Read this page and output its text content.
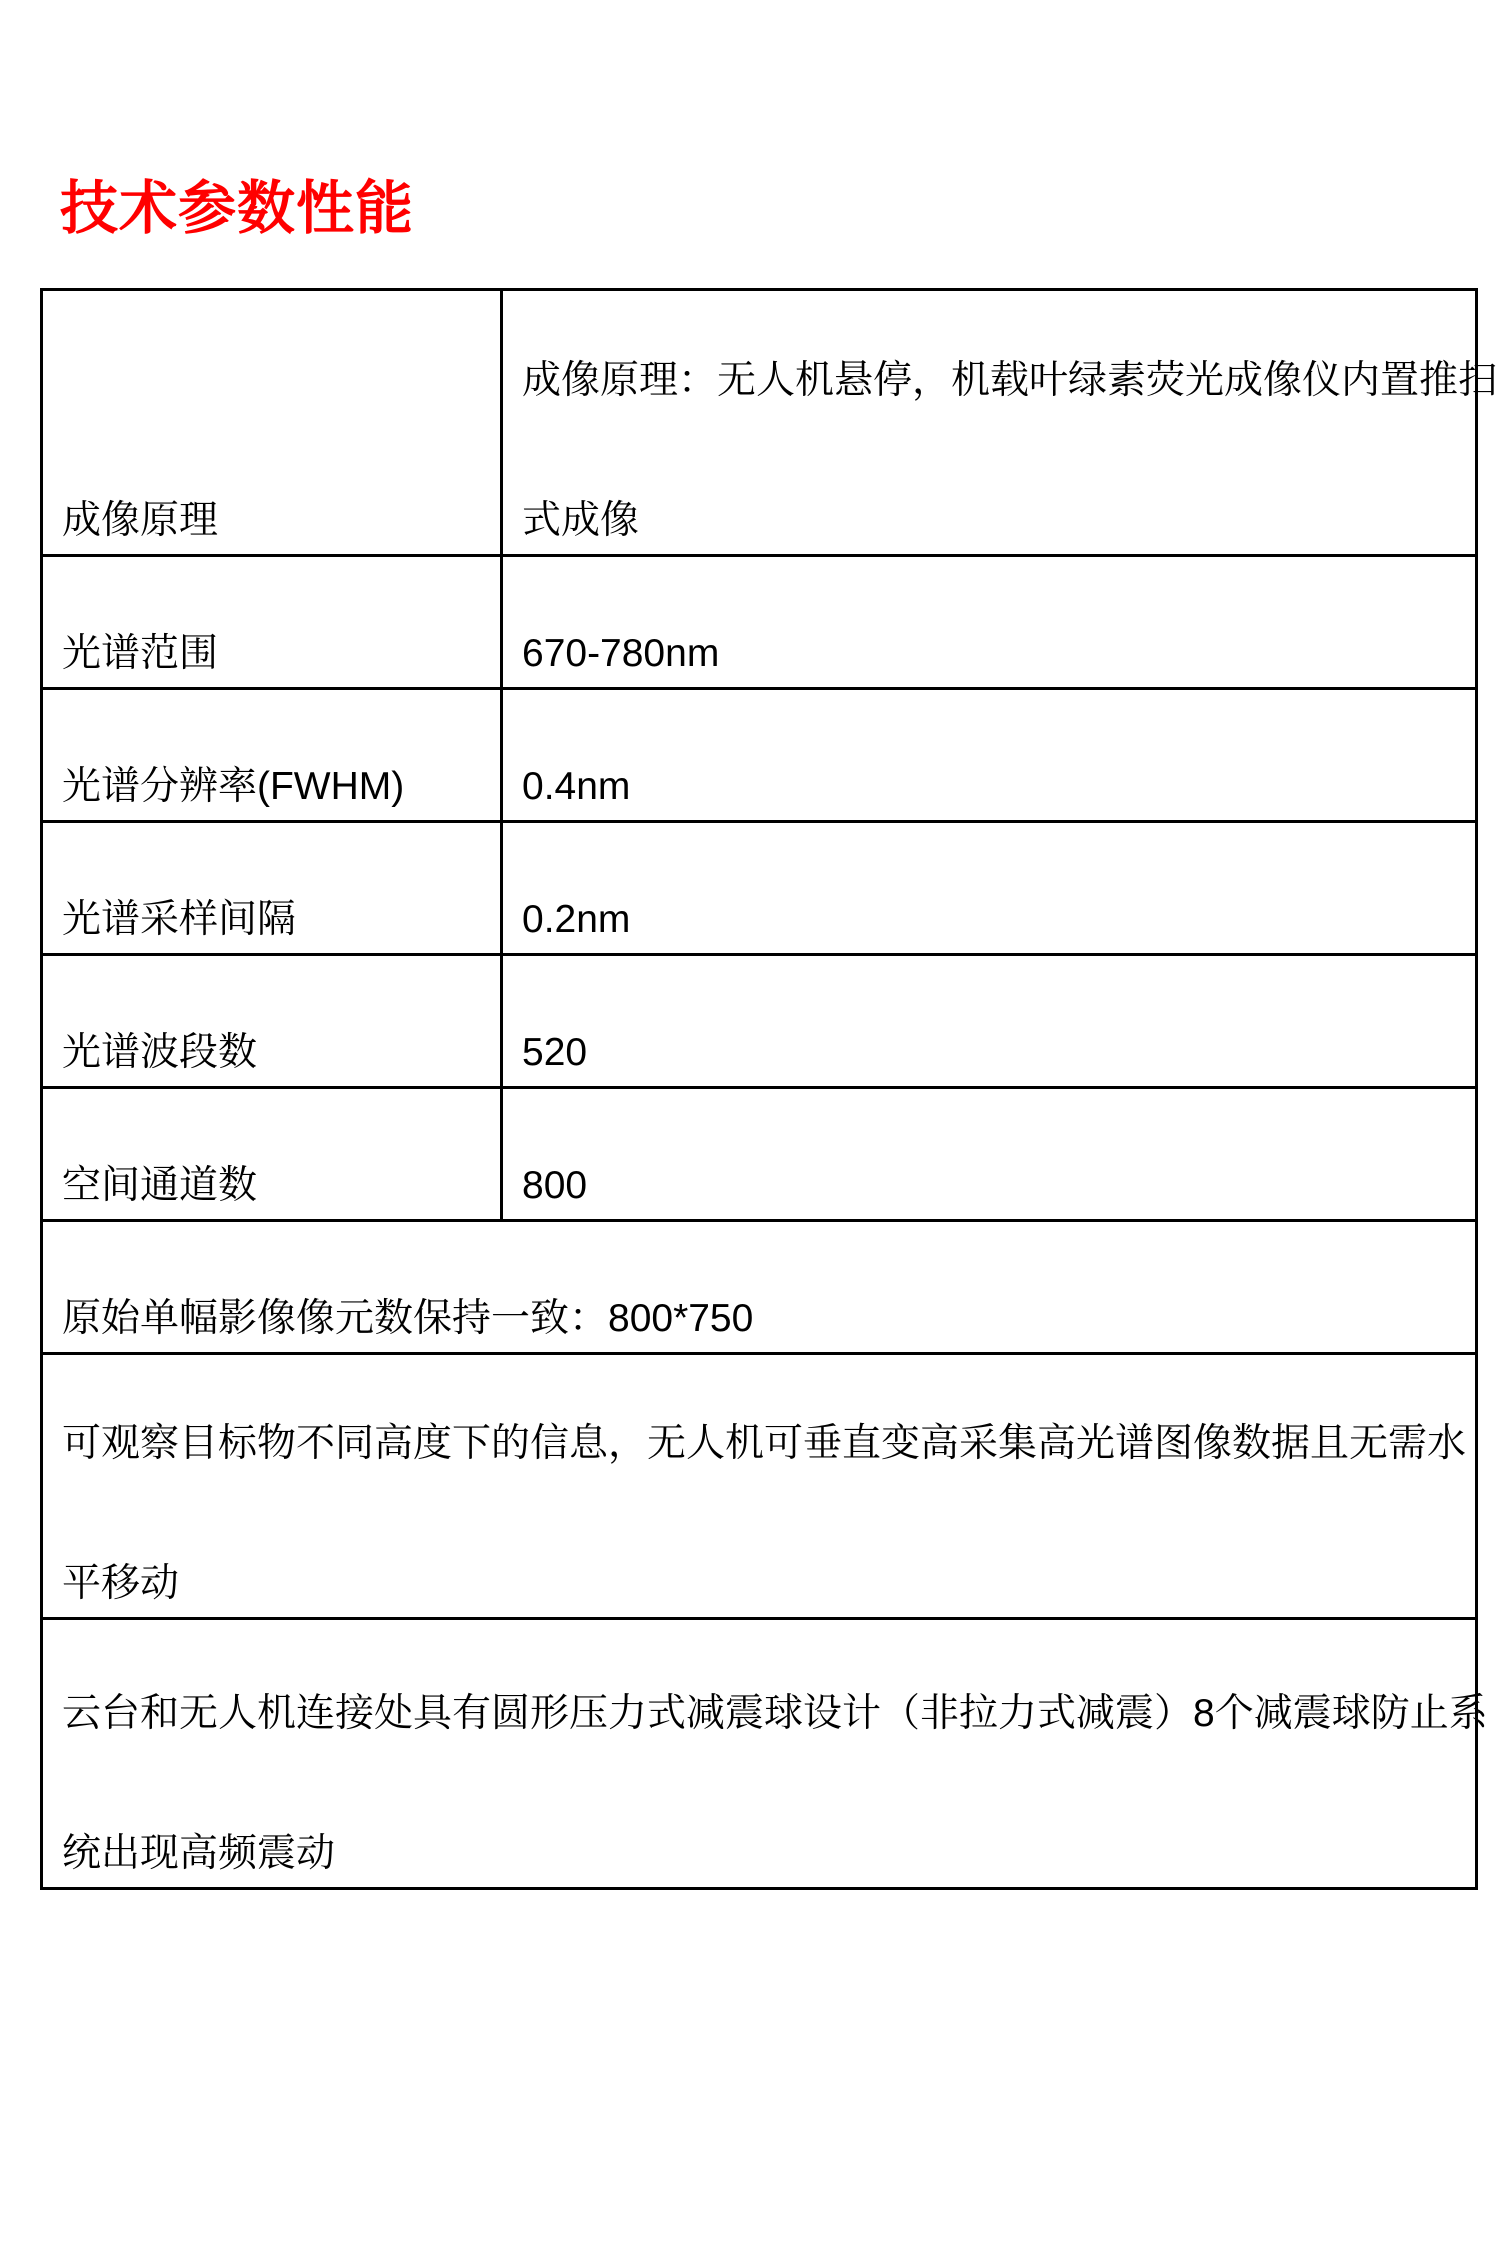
技术参数性能
成像原理	成像原理：无人机悬停，机载叶绿素荧光成像仪内置推扫
式成像

光谱范围	670-780nm

光谱分辨率(FWHM)	0.4nm

光谱采样间隔	0.2nm

光谱波段数	520

空间通道数	800

原始单幅影像像元数保持一致：800*750	

可观察目标物不同高度下的信息，无人机可垂直变高采集高光谱图像数据且无需水
平移动	

云台和无人机连接处具有圆形压力式减震球设计（非拉力式减震）8个减震球防止系
统出现高频震动	
